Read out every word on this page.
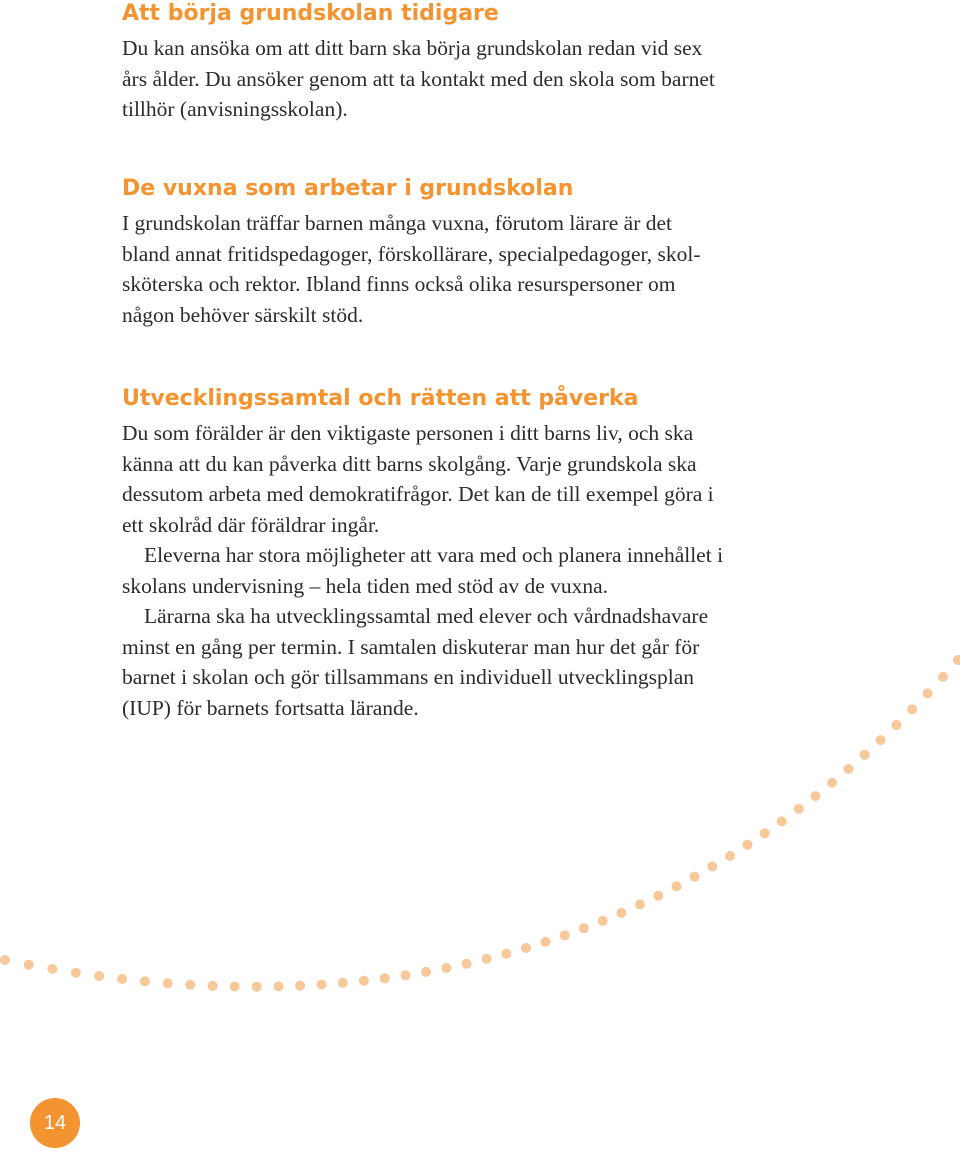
Att börja grundskolan tidigare

Du kan ansöka om att ditt barn ska börja grundskolan redan vid sex

års ålder. Du ansöker genom att ta kontakt med den skola som barnet

tillhör (anvisningsskolan).

De vuxna som arbetar i grundskolan

I grundskolan träffar barnen många vuxna, förutom lärare är det

bland annat fritidspedagoger, förskollärare, specialpedagoger, skol-

sköterska och rektor. Ibland finns också olika resurspersoner om

någon behöver särskilt stöd.

Utvecklingssamtal och rätten att påverka

Du som förälder är den viktigaste personen i ditt barns liv, och ska

känna att du kan påverka ditt barns skolgång. Varje grundskola ska

dessutom arbeta med demokratifrågor. Det kan de till exempel göra i

ett skolråd där föräldrar ingår.

Eleverna har stora möjligheter att vara med och planera innehållet i

skolans undervisning – hela tiden med stöd av de vuxna.

Lärarna ska ha utvecklingssamtal med elever och vårdnadshavare

minst en gång per termin. I samtalen diskuterar man hur det går för

barnet i skolan och gör tillsammans en individuell utvecklingsplan

(IUP) för barnets fortsatta lärande.

14
